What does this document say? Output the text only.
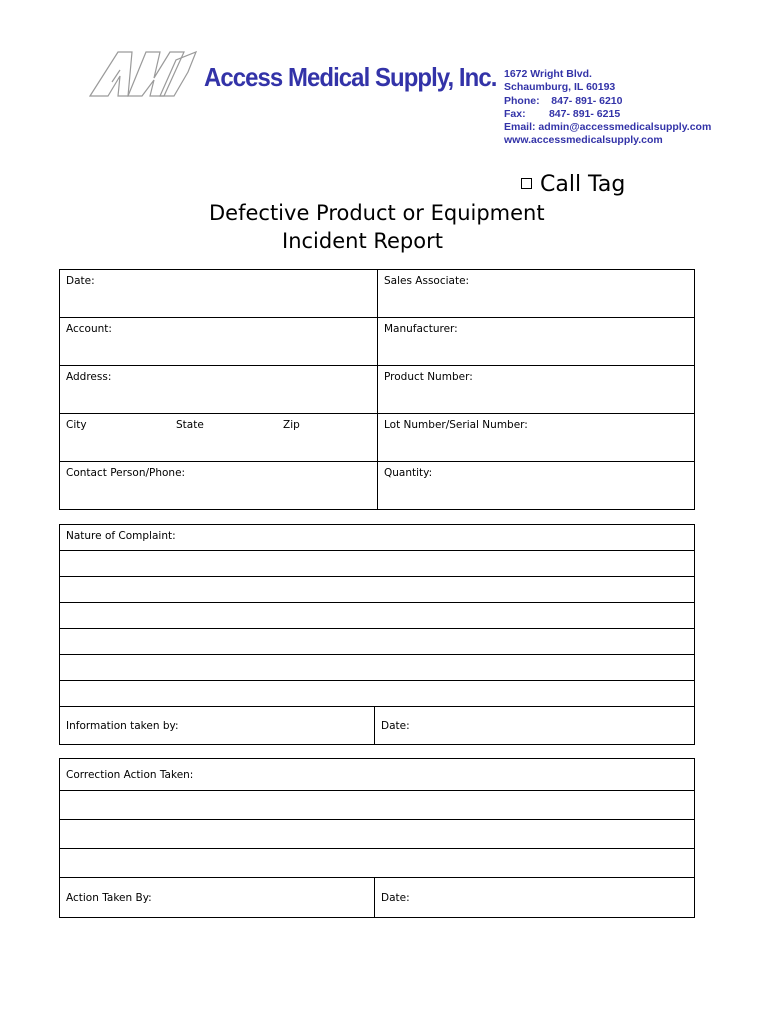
Access Medical Supply, Inc. 1672 Wright Blvd.
Schaumburg, IL 60193
Phone: 847- 891- 6210
Fax: 847- 891- 6215
Email: admin@accessmedicalsupply.com
www.accessmedicalsupply.com
Call Tag
Defective Product or Equipment
Incident Report
Date:	Sales Associate:
Account:	Manufacturer:
Address:	Product Number:
City State Zip	Lot Number/Serial Number:
Contact Person/Phone:	Quantity:
Nature of Complaint:

Information taken by:	Date:
Correction Action Taken:

Action Taken By:	Date:
